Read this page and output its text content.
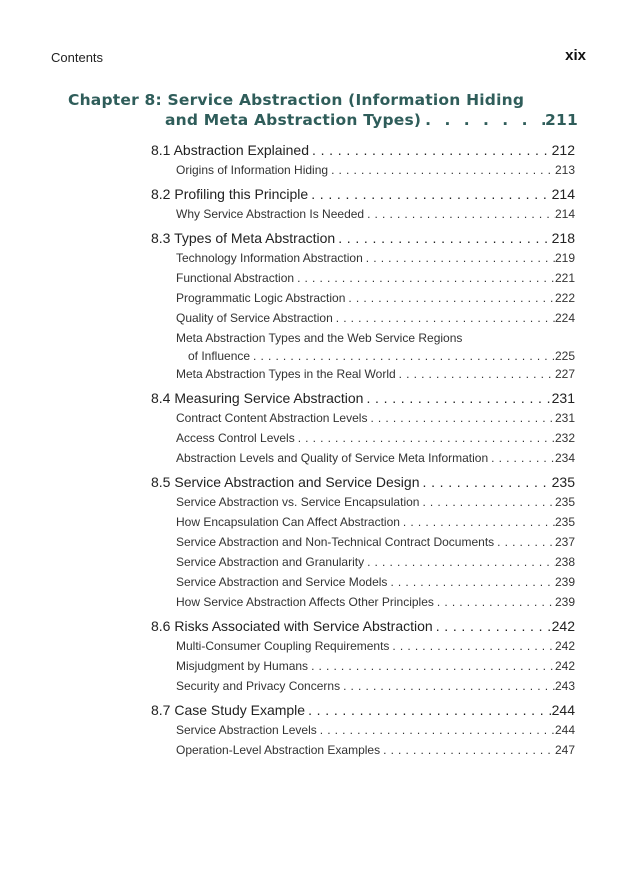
Contents	xix
Chapter 8: Service Abstraction (Information Hiding
and Meta Abstraction Types) . . .	211
8.1 Abstraction Explained . . .	212
Origins of Information Hiding . . .	213
8.2 Profiling this Principle . . .	214
Why Service Abstraction Is Needed . . .	214
8.3 Types of Meta Abstraction . . .	218
Technology Information Abstraction . . .	219
Functional Abstraction . . .	221
Programmatic Logic Abstraction . . .	222
Quality of Service Abstraction . . .	224
Meta Abstraction Types and the Web Service Regions
of Influence . . .	225
Meta Abstraction Types in the Real World . . .	227
8.4 Measuring Service Abstraction . . .	231
Contract Content Abstraction Levels . . .	231
Access Control Levels . . .	232
Abstraction Levels and Quality of Service Meta Information . . .	234
8.5 Service Abstraction and Service Design . . .	235
Service Abstraction vs. Service Encapsulation . . .	235
How Encapsulation Can Affect Abstraction . . .	235
Service Abstraction and Non-Technical Contract Documents . . .	237
Service Abstraction and Granularity . . .	238
Service Abstraction and Service Models . . .	239
How Service Abstraction Affects Other Principles . . .	239
8.6 Risks Associated with Service Abstraction . . .	242
Multi-Consumer Coupling Requirements . . .	242
Misjudgment by Humans . . .	242
Security and Privacy Concerns . . .	243
8.7 Case Study Example . . .	244
Service Abstraction Levels . . .	244
Operation-Level Abstraction Examples . . .	247
